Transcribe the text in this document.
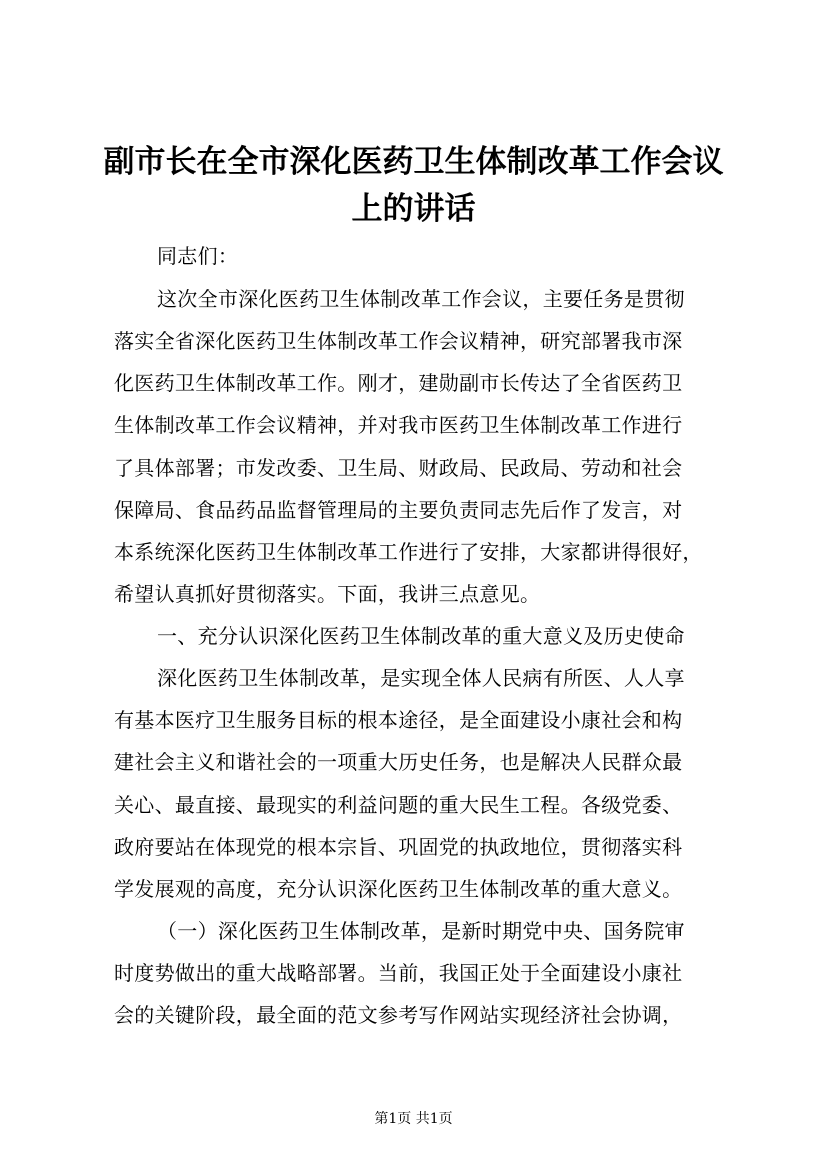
副市长在全市深化医药卫生体制改革工作会议
上的讲话
同志们：
这次全市深化医药卫生体制改革工作会议，主要任务是贯彻
落实全省深化医药卫生体制改革工作会议精神，研究部署我市深
化医药卫生体制改革工作。刚才，建勋副市长传达了全省医药卫
生体制改革工作会议精神，并对我市医药卫生体制改革工作进行
了具体部署；市发改委、卫生局、财政局、民政局、劳动和社会
保障局、食品药品监督管理局的主要负责同志先后作了发言，对
本系统深化医药卫生体制改革工作进行了安排，大家都讲得很好，
希望认真抓好贯彻落实。下面，我讲三点意见。
一、充分认识深化医药卫生体制改革的重大意义及历史使命
深化医药卫生体制改革，是实现全体人民病有所医、人人享
有基本医疗卫生服务目标的根本途径，是全面建设小康社会和构
建社会主义和谐社会的一项重大历史任务，也是解决人民群众最
关心、最直接、最现实的利益问题的重大民生工程。各级党委、
政府要站在体现党的根本宗旨、巩固党的执政地位，贯彻落实科
学发展观的高度，充分认识深化医药卫生体制改革的重大意义。
（一）深化医药卫生体制改革，是新时期党中央、国务院审
时度势做出的重大战略部署。当前，我国正处于全面建设小康社
会的关键阶段，最全面的范文参考写作网站实现经济社会协调，
第1页 共1页
